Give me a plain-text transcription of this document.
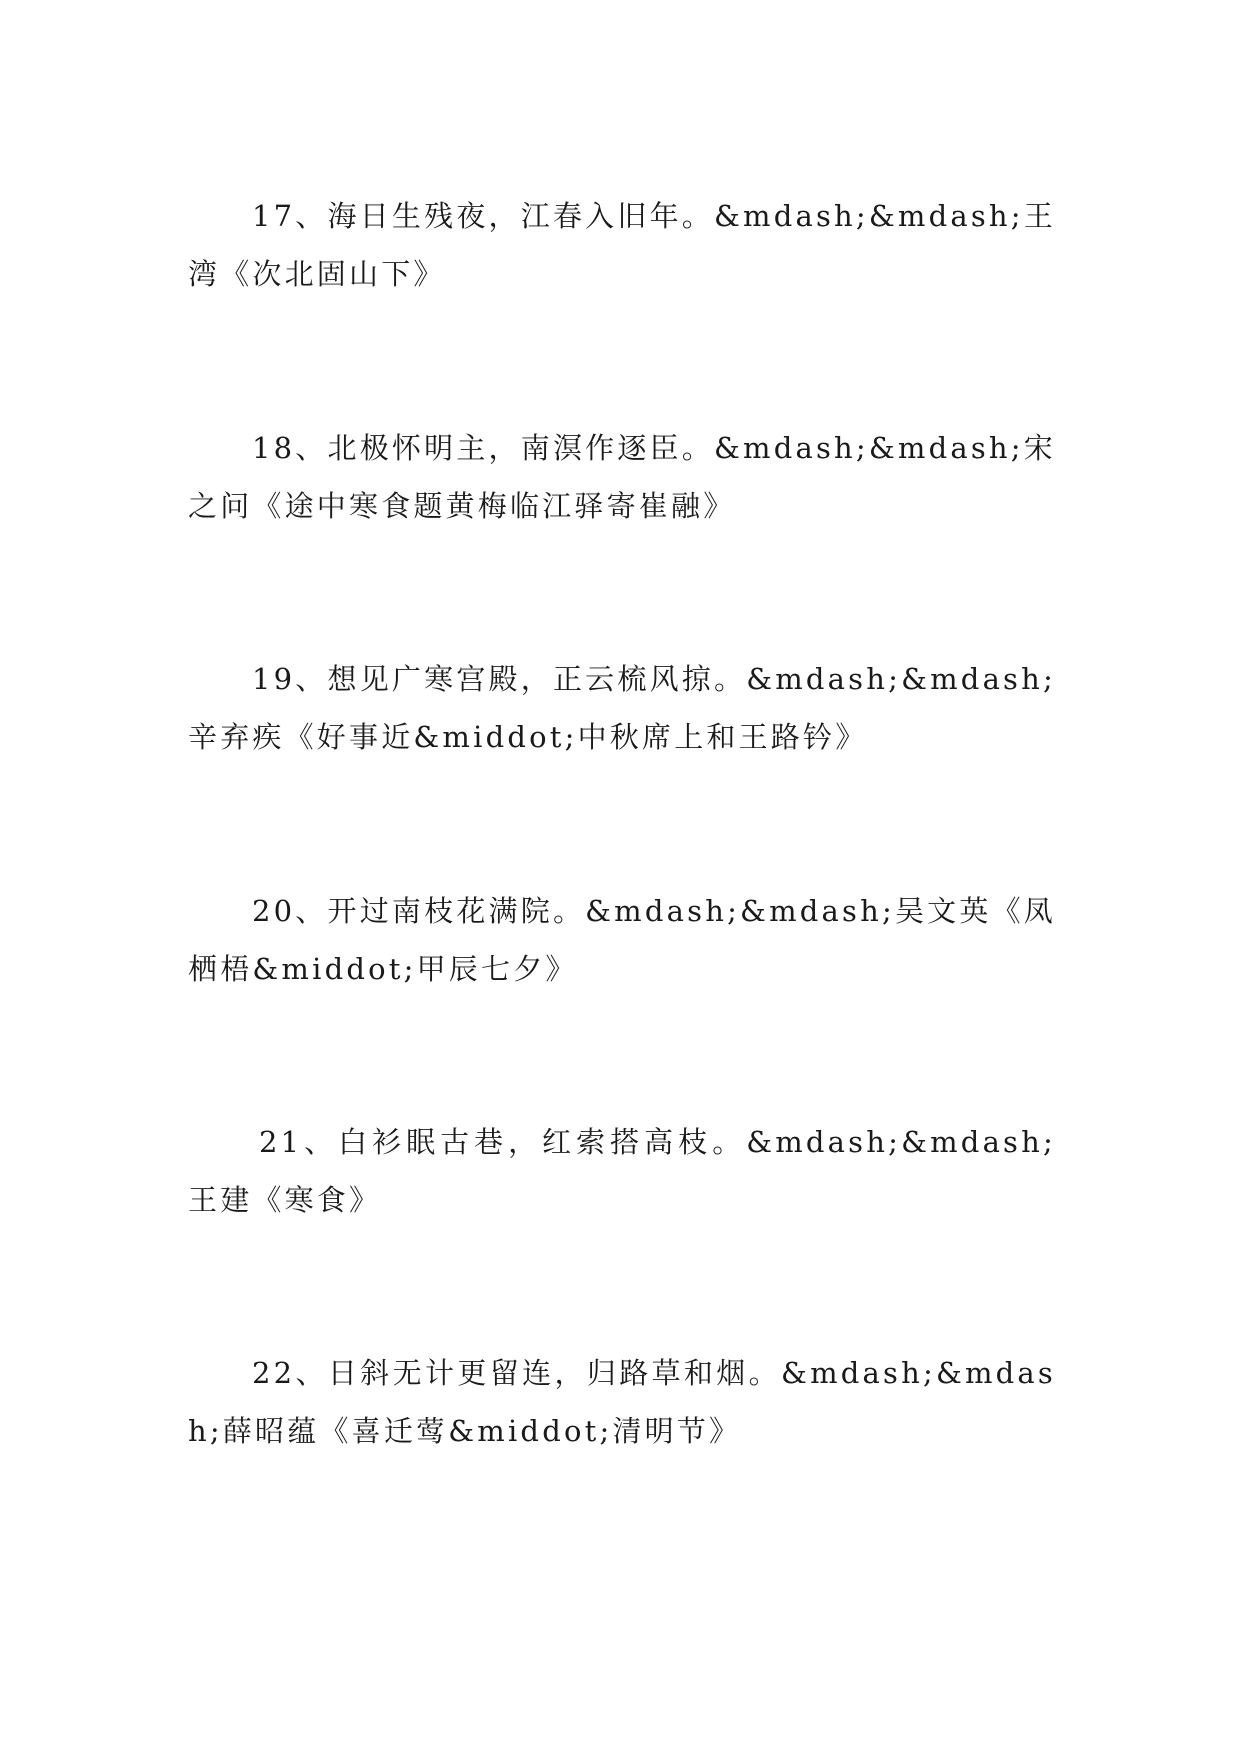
17、海日生残夜，江春入旧年。&mdash;&mdash;王湾《次北固山下》

18、北极怀明主，南溟作逐臣。&mdash;&mdash;宋之问《途中寒食题黄梅临江驿寄崔融》

19、想见广寒宫殿，正云梳风掠。&mdash;&mdash;辛弃疾《好事近&middot;中秋席上和王路钤》

20、开过南枝花满院。&mdash;&mdash;吴文英《凤栖梧&middot;甲辰七夕》

21、白衫眠古巷，红索搭高枝。&mdash;&mdash;王建《寒食》

22、日斜无计更留连，归路草和烟。&mdash;&mdash;薛昭蕴《喜迁莺&middot;清明节》
